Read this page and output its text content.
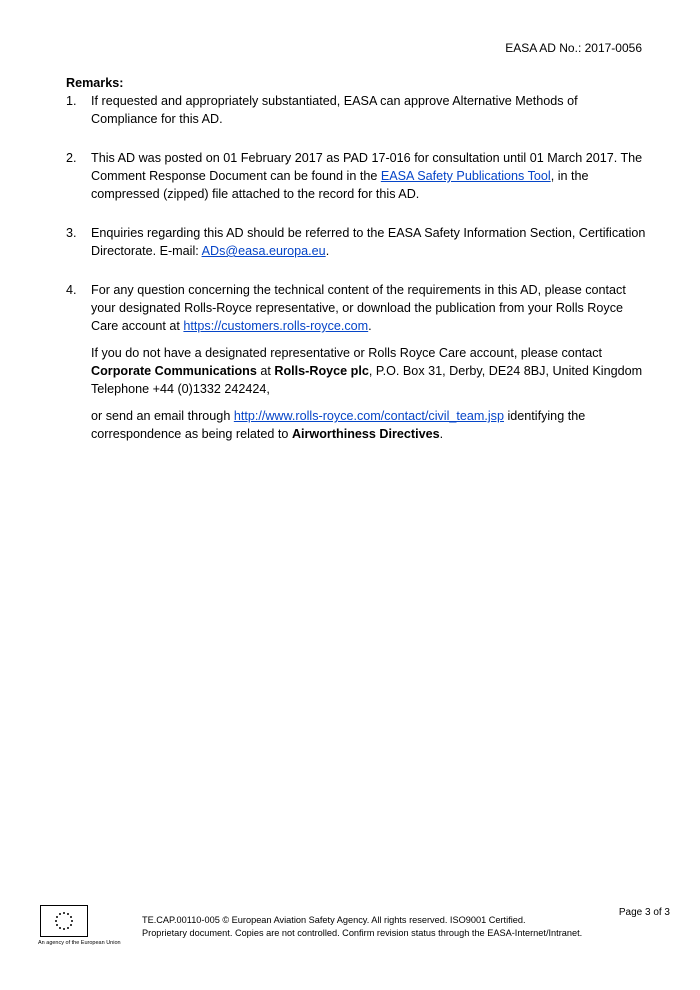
EASA AD No.: 2017-0056

Remarks:

1.	If requested and appropriately substantiated, EASA can approve Alternative Methods of Compliance for this AD.

2.	This AD was posted on 01 February 2017 as PAD 17-016 for consultation until 01 March 2017. The Comment Response Document can be found in the EASA Safety Publications Tool, in the compressed (zipped) file attached to the record for this AD.

3.	Enquiries regarding this AD should be referred to the EASA Safety Information Section, Certification Directorate. E-mail: ADs@easa.europa.eu.

4.	For any question concerning the technical content of the requirements in this AD, please contact your designated Rolls-Royce representative, or download the publication from your Rolls Royce Care account at https://customers.rolls-royce.com.

If you do not have a designated representative or Rolls Royce Care account, please contact Corporate Communications at Rolls-Royce plc, P.O. Box 31, Derby, DE24 8BJ, United Kingdom Telephone +44 (0)1332 242424,

or send an email through http://www.rolls-royce.com/contact/civil_team.jsp identifying the correspondence as being related to Airworthiness Directives.

An agency of the European Union
TE.CAP.00110-005 © European Aviation Safety Agency. All rights reserved. ISO9001 Certified.
Proprietary document. Copies are not controlled. Confirm revision status through the EASA-Internet/Intranet.
Page 3 of 3
